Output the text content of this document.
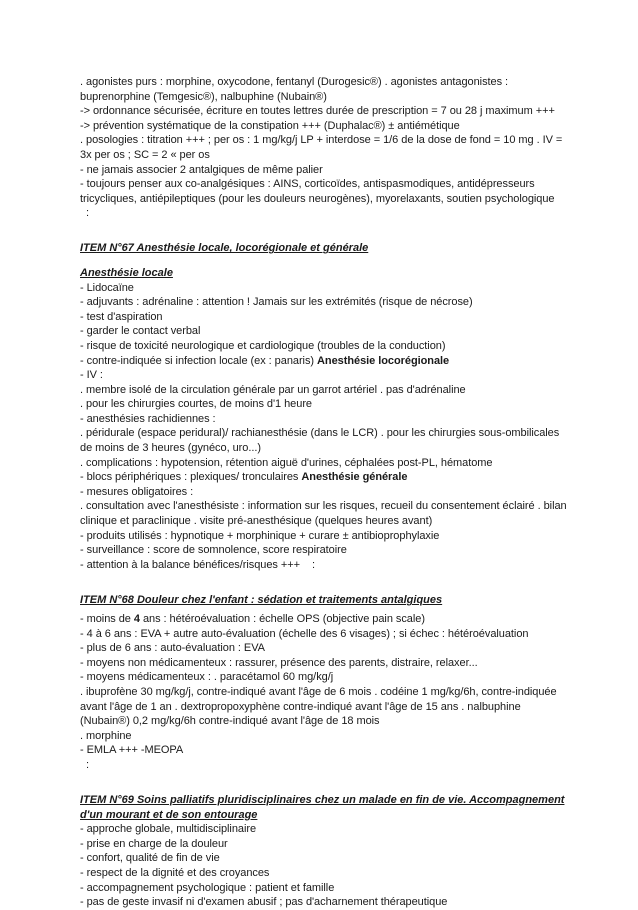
. agonistes purs : morphine, oxycodone, fentanyl (Durogesic®) . agonistes antagonistes :
buprenorphine (Temgesic®), nalbuphine (Nubain®)
-> ordonnance sécurisée, écriture en toutes lettres durée de prescription = 7 ou 28 j maximum +++
-> prévention systématique de la constipation +++ (Duphalac®) ± antiémétique
. posologies : titration +++ ; per os : 1 mg/kg/j LP + interdose = 1/6 de la dose de fond = 10 mg . IV =
3x per os ; SC = 2 « per os
- ne jamais associer 2 antalgiques de même palier
- toujours penser aux co-analgésiques : AINS, corticoïdes, antispasmodiques, antidépresseurs
tricycliques, antiépileptiques (pour les douleurs neurogènes), myorelaxants, soutien psychologique
:
ITEM N°67 Anesthésie locale, locorégionale et générale
Anesthésie locale
- Lidocaïne
- adjuvants : adrénaline : attention ! Jamais sur les extrémités (risque de nécrose)
- test d'aspiration
- garder le contact verbal
- risque de toxicité neurologique et cardiologique (troubles de la conduction)
- contre-indiquée si infection locale (ex : panaris) Anesthésie locorégionale
- IV :
. membre isolé de la circulation générale par un garrot artériel . pas d'adrénaline
. pour les chirurgies courtes, de moins d'1 heure
- anesthésies rachidiennes :
. péridurale (espace peridural)/ rachianesthésie (dans le LCR) . pour les chirurgies sous-ombilicales
de moins de 3 heures (gynéco, uro...)
. complications : hypotension, rétention aiguë d'urines, céphalées post-PL, hématome
- blocs périphériques : plexiques/ tronculaires Anesthésie générale
- mesures obligatoires :
. consultation avec l'anesthésiste : information sur les risques, recueil du consentement éclairé . bilan
clinique et paraclinique . visite pré-anesthésique (quelques heures avant)
- produits utilisés : hypnotique + morphinique + curare ± antibioprophylaxie
- surveillance : score de somnolence, score respiratoire
- attention à la balance bénéfices/risques +++ :
ITEM N°68 Douleur chez l'enfant : sédation et traitements antalgiques
- moins de 4 ans : hétéroévaluation : échelle OPS (objective pain scale)
- 4 à 6 ans : EVA + autre auto-évaluation (échelle des 6 visages) ; si échec : hétéroévaluation
- plus de 6 ans : auto-évaluation : EVA
- moyens non médicamenteux : rassurer, présence des parents, distraire, relaxer...
- moyens médicamenteux : . paracétamol 60 mg/kg/j
. ibuprofène 30 mg/kg/j, contre-indiqué avant l'âge de 6 mois . codéine 1 mg/kg/6h, contre-indiquée
avant l'âge de 1 an . dextropropoxyphène contre-indiqué avant l'âge de 15 ans . nalbuphine
(Nubain®) 0,2 mg/kg/6h contre-indiqué avant l'âge de 18 mois
. morphine
- EMLA +++ -MEOPA
:
ITEM N°69 Soins palliatifs pluridisciplinaires chez un malade en fin de vie. Accompagnement
d'un mourant et de son entourage
- approche globale, multidisciplinaire
- prise en charge de la douleur
- confort, qualité de fin de vie
- respect de la dignité et des croyances
- accompagnement psychologique : patient et famille
- pas de geste invasif ni d'examen abusif ; pas d'acharnement thérapeutique
